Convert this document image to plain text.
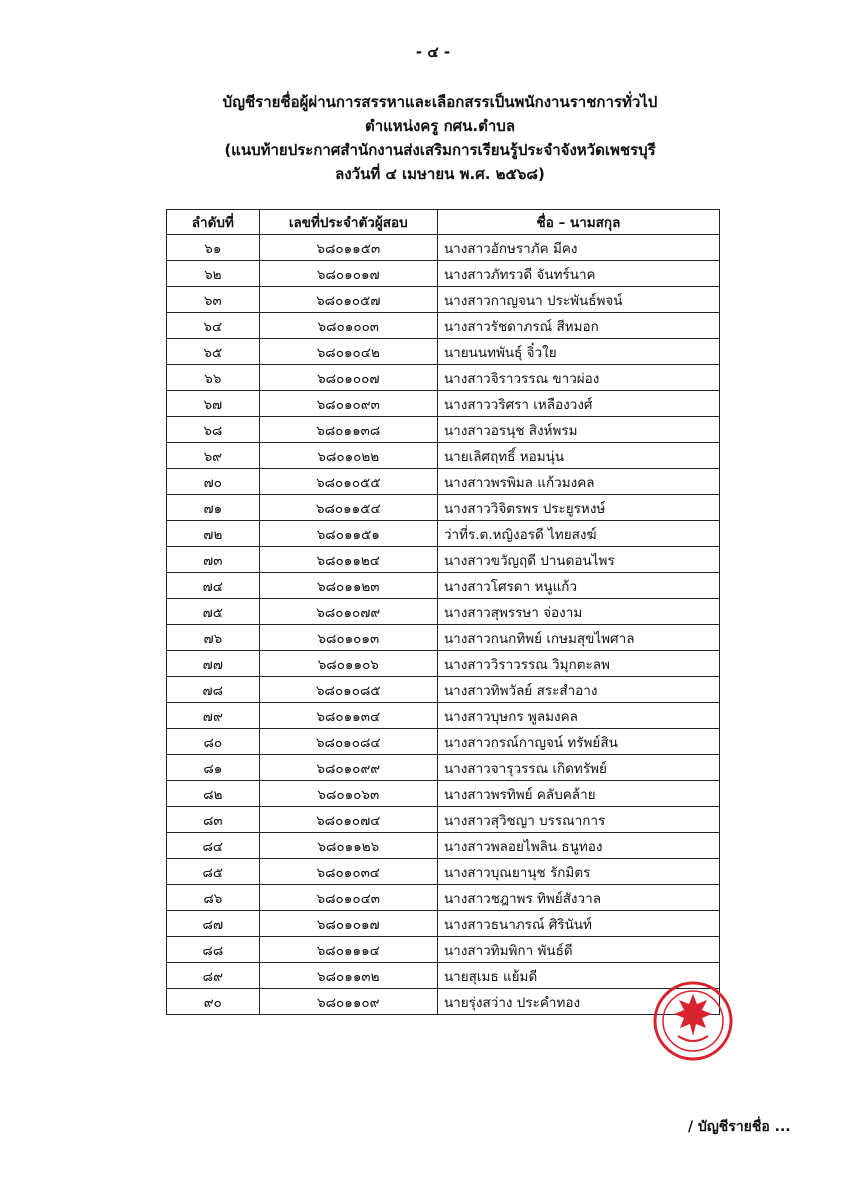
- ๔ -
บัญชีรายชื่อผู้ผ่านการสรรหาและเลือกสรรเป็นพนักงานราชการทั่วไป
ตำแหน่งครู กศน.ตำบล
(แนบท้ายประกาศสำนักงานส่งเสริมการเรียนรู้ประจำจังหวัดเพชรบุรี
ลงวันที่ ๔ เมษายน พ.ศ. ๒๕๖๘)
ลำดับที่	เลขที่ประจำตัวผู้สอบ	ชื่อ – นามสกุล
๖๑	๖๘๐๑๑๕๓	นางสาวอักษราภัค มีคง
๖๒	๖๘๐๑๐๑๗	นางสาวภัทรวดี จันทร์นาค
๖๓	๖๘๐๑๐๕๗	นางสาวกาญจนา ประพันธ์พจน์
๖๔	๖๘๐๑๐๐๓	นางสาวรัชดาภรณ์ สีหมอก
๖๕	๖๘๐๑๐๔๒	นายนนทพันธุ์ จิ๋วใย
๖๖	๖๘๐๑๐๐๗	นางสาวจิราวรรณ ขาวผ่อง
๖๗	๖๘๐๑๐๙๓	นางสาววริศรา เหลืองวงศ์
๖๘	๖๘๐๑๑๓๘	นางสาวอรนุช สิงห์พรม
๖๙	๖๘๐๑๐๒๒	นายเลิศฤทธิ์ หอมนุ่น
๗๐	๖๘๐๑๐๕๕	นางสาวพรพิมล แก้วมงคล
๗๑	๖๘๐๑๑๕๔	นางสาววิจิตรพร ประยูรหงษ์
๗๒	๖๘๐๑๑๕๑	ว่าที่ร.ต.หญิงอรดี ไทยสงฆ์
๗๓	๖๘๐๑๑๒๔	นางสาวขวัญฤดี ปานดอนไพร
๗๔	๖๘๐๑๑๒๓	นางสาวโศรดา หนูแก้ว
๗๕	๖๘๐๑๐๗๙	นางสาวสุพรรษา จ่องาม
๗๖	๖๘๐๑๐๑๓	นางสาวกนกทิพย์ เกษมสุขไพศาล
๗๗	๖๘๐๑๑๐๖	นางสาววิราวรรณ วิมุกตะลพ
๗๘	๖๘๐๑๐๘๕	นางสาวทิพวัลย์ สระสำอาง
๗๙	๖๘๐๑๑๓๔	นางสาวบุษกร พูลมงคล
๘๐	๖๘๐๑๐๘๔	นางสาวกรณ์กาญจน์ ทรัพย์สิน
๘๑	๖๘๐๑๐๙๙	นางสาวจารุวรรณ เกิดทรัพย์
๘๒	๖๘๐๑๐๖๓	นางสาวพรทิพย์ คลับคล้าย
๘๓	๖๘๐๑๐๗๔	นางสาวสุวิชญา บรรณาการ
๘๔	๖๘๐๑๑๒๖	นางสาวพลอยไพลิน ธนูทอง
๘๕	๖๘๐๑๐๓๔	นางสาวบุณยานุช รักมิตร
๘๖	๖๘๐๑๐๔๓	นางสาวชฎาพร ทิพย์สังวาล
๘๗	๖๘๐๑๐๑๗	นางสาวธนาภรณ์ ศิรินันท์
๘๘	๖๘๐๑๑๑๔	นางสาวทิมพิกา พันธ์ดี
๘๙	๖๘๐๑๑๓๒	นายสุเมธ แย้มดี
๙๐	๖๘๐๑๑๐๙	นายรุ่งสว่าง ประคำทอง
/ บัญชีรายชื่อ ...
